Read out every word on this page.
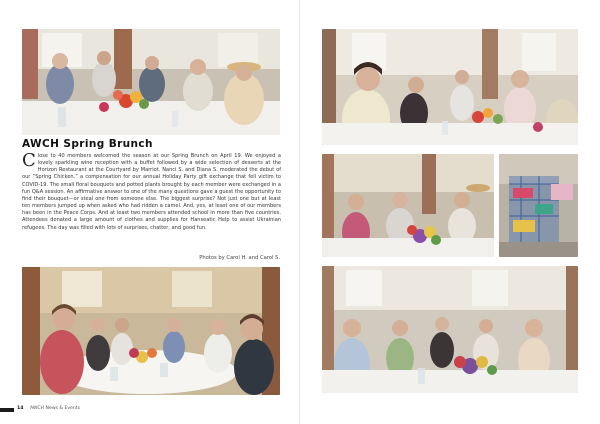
AWCH Spring Brunch

Close to 40 members welcomed the season at our Spring Brunch on April 19. We enjoyed a lovely sparkling wine reception with a buffet followed by a wide selection of desserts at the Horizon Restaurant at the Courtyard by Marriot. Nanci S. and Diana S. moderated the debut of our “Spring Chicken,” a compensation for our annual Holiday Party gift exchange that fell victim to COVID-19. The small floral bouquets and potted plants brought by each member were exchanged in a fun Q&A session. An affirmative answer to one of the many questions gave a guest the opportunity to find their bouquet—or steal one from someone else. The biggest surprise? Not just one but at least ten members jumped up when asked who had ridden a camel. And, yes, at least one of our members has been in the Peace Corps. And at least two members attended school in more than five countries. Attendees donated a large amount of clothes and supplies for Hanseatic Help to assist Ukrainian refugees. The day was filled with lots of surprises, chatter, and good fun.

Photos by Carol H. and Carol S.
14 AWCH News & Events
